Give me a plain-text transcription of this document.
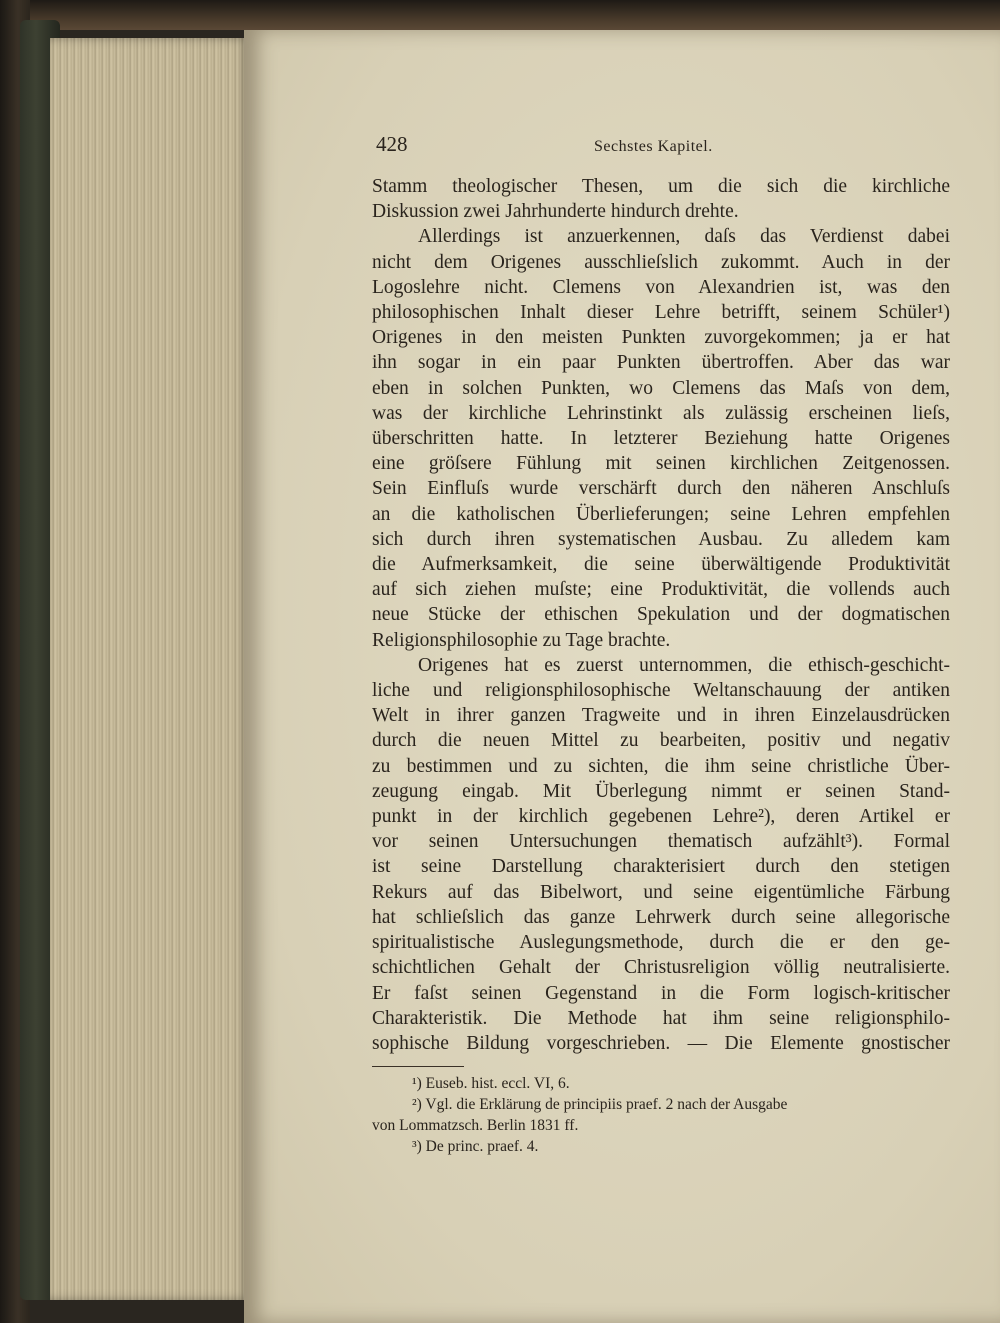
428	Sechstes Kapitel.
Stamm theologischer Thesen, um die sich die kirchliche
Diskussion zwei Jahrhunderte hindurch drehte.
Allerdings ist anzuerkennen, daſs das Verdienst dabei
nicht dem Origenes ausschlieſslich zukommt. Auch in der
Logoslehre nicht. Clemens von Alexandrien ist, was den
philosophischen Inhalt dieser Lehre betrifft, seinem Schüler¹)
Origenes in den meisten Punkten zuvorgekommen; ja er hat
ihn sogar in ein paar Punkten übertroffen. Aber das war
eben in solchen Punkten, wo Clemens das Maſs von dem,
was der kirchliche Lehrinstinkt als zulässig erscheinen lieſs,
überschritten hatte. In letzterer Beziehung hatte Origenes
eine gröſsere Fühlung mit seinen kirchlichen Zeitgenossen.
Sein Einfluſs wurde verschärft durch den näheren Anschluſs
an die katholischen Überlieferungen; seine Lehren empfehlen
sich durch ihren systematischen Ausbau. Zu alledem kam
die Aufmerksamkeit, die seine überwältigende Produktivität
auf sich ziehen muſste; eine Produktivität, die vollends auch
neue Stücke der ethischen Spekulation und der dogmatischen
Religionsphilosophie zu Tage brachte.
Origenes hat es zuerst unternommen, die ethisch-geschicht-
liche und religionsphilosophische Weltanschauung der antiken
Welt in ihrer ganzen Tragweite und in ihren Einzelausdrücken
durch die neuen Mittel zu bearbeiten, positiv und negativ
zu bestimmen und zu sichten, die ihm seine christliche Über-
zeugung eingab. Mit Überlegung nimmt er seinen Stand-
punkt in der kirchlich gegebenen Lehre²), deren Artikel er
vor seinen Untersuchungen thematisch aufzählt³). Formal
ist seine Darstellung charakterisiert durch den stetigen
Rekurs auf das Bibelwort, und seine eigentümliche Färbung
hat schlieſslich das ganze Lehrwerk durch seine allegorische
spiritualistische Auslegungsmethode, durch die er den ge-
schichtlichen Gehalt der Christusreligion völlig neutralisierte.
Er faſst seinen Gegenstand in die Form logisch-kritischer
Charakteristik. Die Methode hat ihm seine religionsphilo-
sophische Bildung vorgeschrieben. — Die Elemente gnostischer
¹) Euseb. hist. eccl. VI, 6.
²) Vgl. die Erklärung de principiis praef. 2 nach der Ausgabe
von Lommatzsch. Berlin 1831 ff.
³) De princ. praef. 4.
